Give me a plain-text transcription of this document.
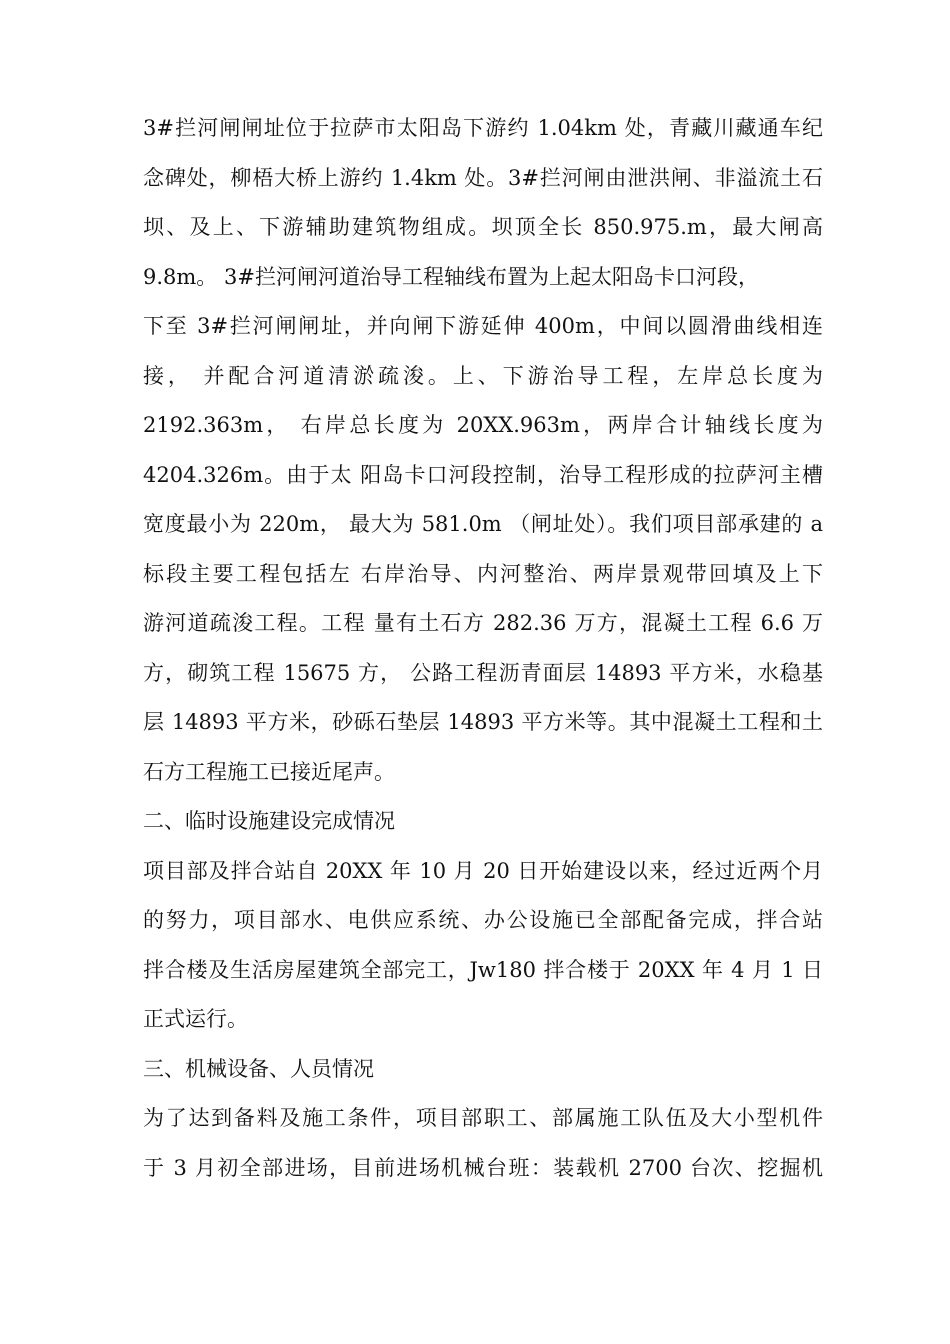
3#拦河闸闸址位于拉萨市太阳岛下游约 1.04km 处，青藏川藏通车纪
念碑处，柳梧大桥上游约 1.4km 处。3#拦河闸由泄洪闸、非溢流土石
坝、及上、下游辅助建筑物组成。坝顶全长 850.975.m，最大闸高
9.8m。 3#拦河闸河道治导工程轴线布置为上起太阳岛卡口河段，
下至 3#拦河闸闸址，并向闸下游延伸 400m，中间以圆滑曲线相连
接， 并配合河道清淤疏浚。上、下游治导工程，左岸总长度为
2192.363m， 右岸总长度为 20XX.963m，两岸合计轴线长度为
4204.326m。由于太 阳岛卡口河段控制，治导工程形成的拉萨河主槽
宽度最小为 220m， 最大为 581.0m （闸址处）。我们项目部承建的 a
标段主要工程包括左 右岸治导、内河整治、两岸景观带回填及上下
游河道疏浚工程。工程 量有土石方 282.36 万方，混凝土工程 6.6 万
方，砌筑工程 15675 方， 公路工程沥青面层 14893 平方米，水稳基
层 14893 平方米，砂砾石垫层 14893 平方米等。其中混凝土工程和土
石方工程施工已接近尾声。
二、临时设施建设完成情况
项目部及拌合站自 20XX 年 10 月 20 日开始建设以来，经过近两个月
的努力，项目部水、电供应系统、办公设施已全部配备完成，拌合站
拌合楼及生活房屋建筑全部完工，Jw180 拌合楼于 20XX 年 4 月 1 日
正式运行。
三、机械设备、人员情况
为了达到备料及施工条件，项目部职工、部属施工队伍及大小型机件
于 3 月初全部进场，目前进场机械台班：装载机 2700 台次、挖掘机
